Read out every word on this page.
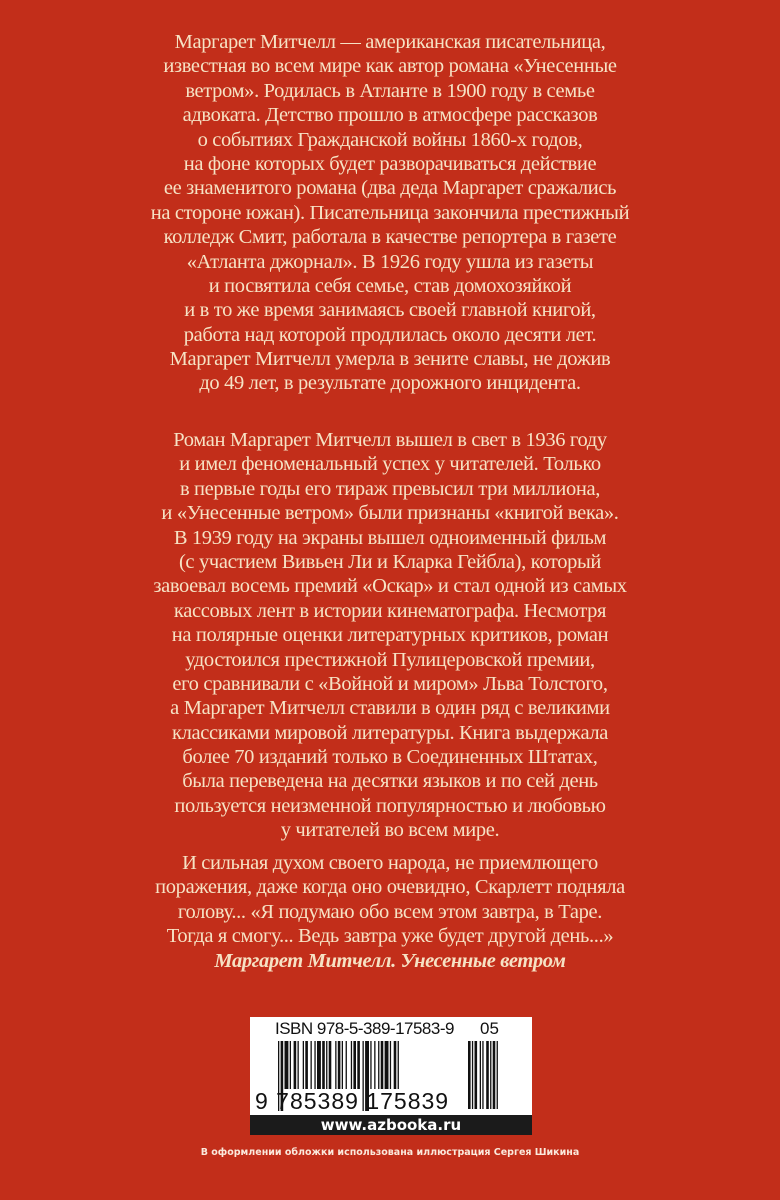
Маргарет Митчелл — американская писательница,
известная во всем мире как автор романа «Унесенные
ветром». Родилась в Атланте в 1900 году в семье
адвоката. Детство прошло в атмосфере рассказов
о событиях Гражданской войны 1860-х годов,
на фоне которых будет разворачиваться действие
ее знаменитого романа (два деда Маргарет сражались
на стороне южан). Писательница закончила престижный
колледж Смит, работала в качестве репортера в газете
«Атланта джорнал». В 1926 году ушла из газеты
и посвятила себя семье, став домохозяйкой
и в то же время занимаясь своей главной книгой,
работа над которой продлилась около десяти лет.
Маргарет Митчелл умерла в зените славы, не дожив
до 49 лет, в результате дорожного инцидента.
Роман Маргарет Митчелл вышел в свет в 1936 году
и имел феноменальный успех у читателей. Только
в первые годы его тираж превысил три миллиона,
и «Унесенные ветром» были признаны «книгой века».
В 1939 году на экраны вышел одноименный фильм
(с участием Вивьен Ли и Кларка Гейбла), который
завоевал восемь премий «Оскар» и стал одной из самых
кассовых лент в истории кинематографа. Несмотря
на полярные оценки литературных критиков, роман
удостоился престижной Пулицеровской премии,
его сравнивали с «Войной и миром» Льва Толстого,
а Маргарет Митчелл ставили в один ряд с великими
классиками мировой литературы. Книга выдержала
более 70 изданий только в Соединенных Штатах,
была переведена на десятки языков и по сей день
пользуется неизменной популярностью и любовью
у читателей во всем мире.
И сильная духом своего народа, не приемлющего
поражения, даже когда оно очевидно, Скарлетт подняла
голову... «Я подумаю обо всем этом завтра, в Таре.
Тогда я смогу... Ведь завтра уже будет другой день...»
Маргарет Митчелл. Унесенные ветром
ISBN 978-5-389-17583-9 05
9 785389 175839
www.azbooka.ru
В оформлении обложки использована иллюстрация Сергея Шикина
